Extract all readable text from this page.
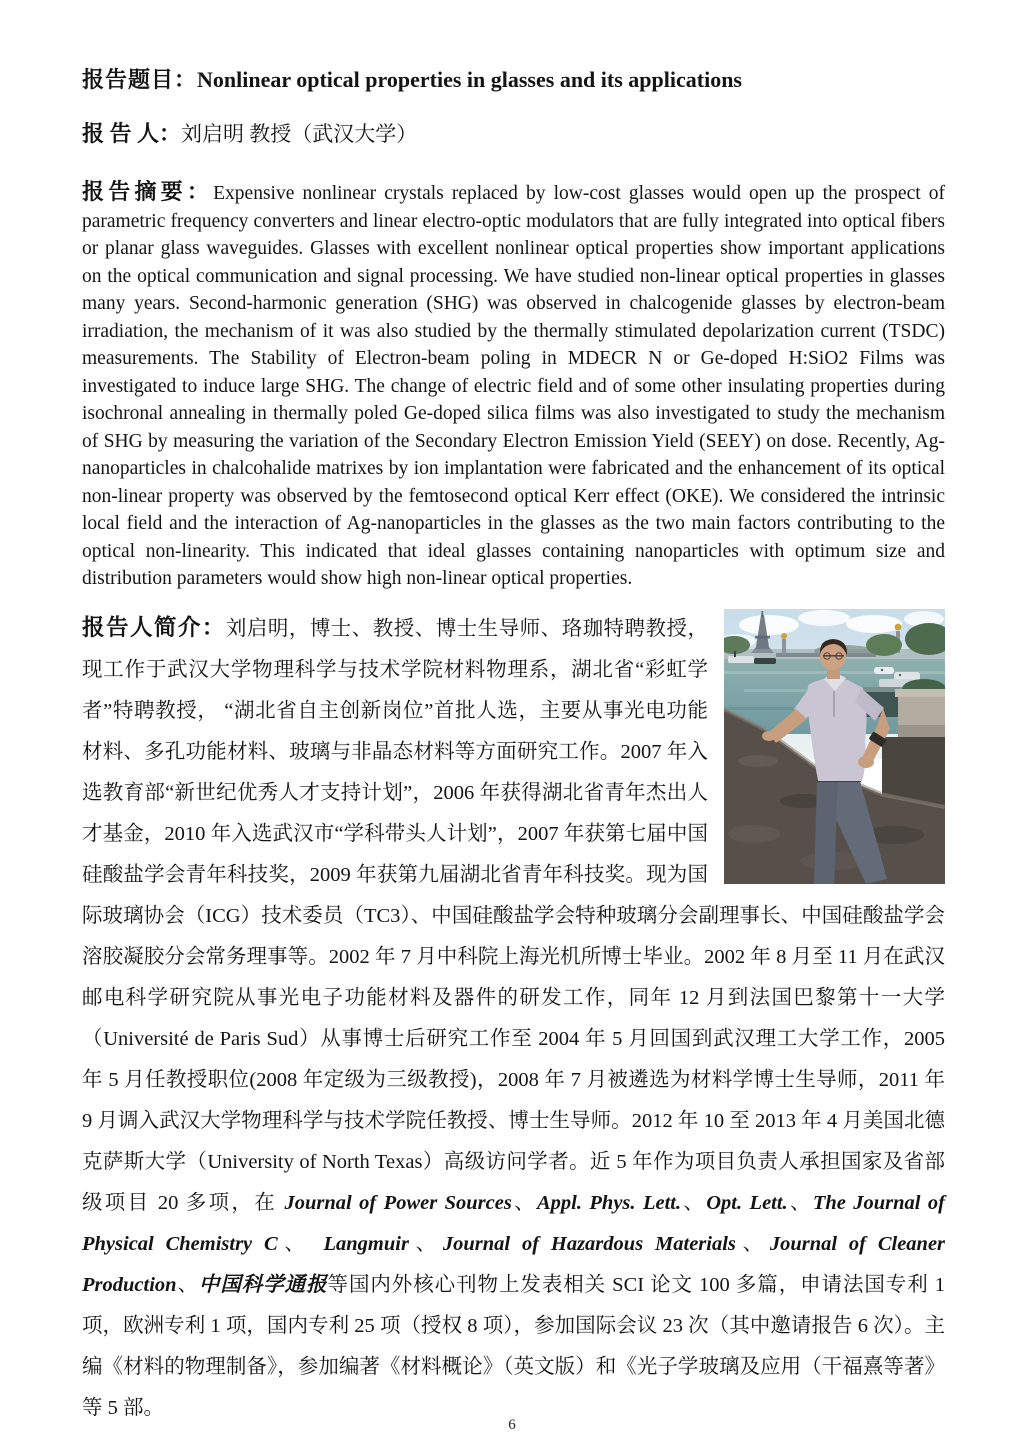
报告题目：Nonlinear optical properties in glasses and its applications

报 告 人：刘启明 教授（武汉大学）

报告摘要：Expensive nonlinear crystals replaced by low-cost glasses would open up the prospect of parametric frequency converters and linear electro-optic modulators that are fully integrated into optical fibers or planar glass waveguides. Glasses with excellent nonlinear optical properties show important applications on the optical communication and signal processing. We have studied non-linear optical properties in glasses many years. Second-harmonic generation (SHG) was observed in chalcogenide glasses by electron-beam irradiation, the mechanism of it was also studied by the thermally stimulated depolarization current (TSDC) measurements. The Stability of Electron-beam poling in MDECR N or Ge-doped H:SiO2 Films was investigated to induce large SHG. The change of electric field and of some other insulating properties during isochronal annealing in thermally poled Ge-doped silica films was also investigated to study the mechanism of SHG by measuring the variation of the Secondary Electron Emission Yield (SEEY) on dose. Recently, Ag-nanoparticles in chalcohalide matrixes by ion implantation were fabricated and the enhancement of its optical non-linear property was observed by the femtosecond optical Kerr effect (OKE). We considered the intrinsic local field and the interaction of Ag-nanoparticles in the glasses as the two main factors contributing to the optical non-linearity. This indicated that ideal glasses containing nanoparticles with optimum size and distribution parameters would show high non-linear optical properties.

报告人简介：刘启明，博士、教授、博士生导师、珞珈特聘教授，现工作于武汉大学物理科学与技术学院材料物理系，湖北省“彩虹学者”特聘教授， “湖北省自主创新岗位”首批人选，主要从事光电功能材料、多孔功能材料、玻璃与非晶态材料等方面研究工作。2007 年入选教育部“新世纪优秀人才支持计划”，2006 年获得湖北省青年杰出人才基金，2010 年入选武汉市“学科带头人计划”，2007 年获第七届中国硅酸盐学会青年科技奖，2009 年获第九届湖北省青年科技奖。现为国际玻璃协会（ICG）技术委员（TC3）、中国硅酸盐学会特种玻璃分会副理事长、中国硅酸盐学会溶胶凝胶分会常务理事等。2002 年 7 月中科院上海光机所博士毕业。2002 年 8 月至 11 月在武汉邮电科学研究院从事光电子功能材料及器件的研发工作，同年 12 月到法国巴黎第十一大学（Université de Paris Sud）从事博士后研究工作至 2004 年 5 月回国到武汉理工大学工作，2005 年 5 月任教授职位(2008 年定级为三级教授)，2008 年 7 月被遴选为材料学博士生导师，2011 年 9 月调入武汉大学物理科学与技术学院任教授、博士生导师。2012 年 10 至 2013 年 4 月美国北德克萨斯大学（University of North Texas）高级访问学者。近 5 年作为项目负责人承担国家及省部级项目 20 多项，在 Journal of Power Sources、Appl. Phys. Lett.、Opt. Lett.、The Journal of Physical Chemistry C、 Langmuir、Journal of Hazardous Materials、Journal of Cleaner Production、中国科学通报等国内外核心刊物上发表相关 SCI 论文 100 多篇，申请法国专利 1 项，欧洲专利 1 项，国内专利 25 项（授权 8 项），参加国际会议 23 次（其中邀请报告 6 次）。主编《材料的物理制备》，参加编著《材料概论》（英文版）和《光子学玻璃及应用（干福熹等著》等 5 部。

6
